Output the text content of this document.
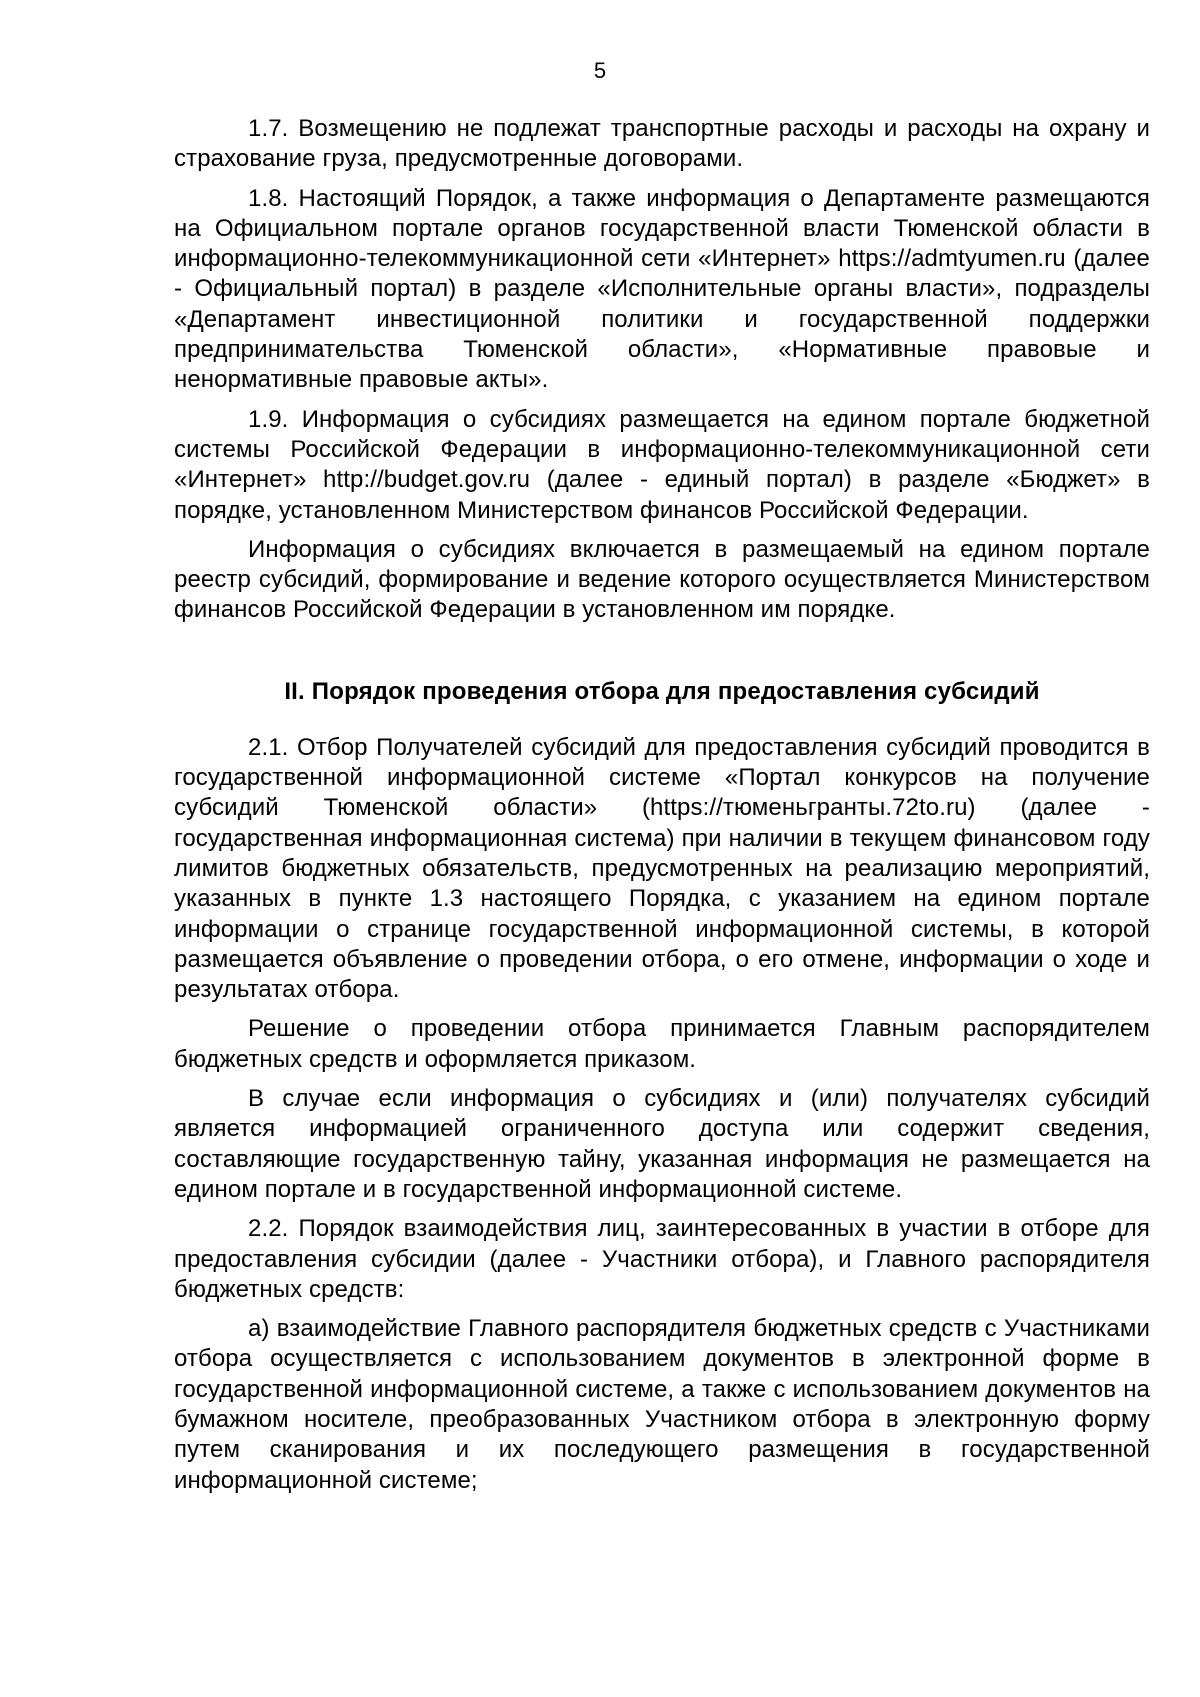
5

1.7. Возмещению не подлежат транспортные расходы и расходы на охрану и страхование груза, предусмотренные договорами.

1.8. Настоящий Порядок, а также информация о Департаменте размещаются на Официальном портале органов государственной власти Тюменской области в информационно-телекоммуникационной сети «Интернет» https://admtyumen.ru (далее - Официальный портал) в разделе «Исполнительные органы власти», подразделы «Департамент инвестиционной политики и государственной поддержки предпринимательства Тюменской области», «Нормативные правовые и ненормативные правовые акты».

1.9. Информация о субсидиях размещается на едином портале бюджетной системы Российской Федерации в информационно-телекоммуникационной сети «Интернет» http://budget.gov.ru (далее - единый портал) в разделе «Бюджет» в порядке, установленном Министерством финансов Российской Федерации.

Информация о субсидиях включается в размещаемый на едином портале реестр субсидий, формирование и ведение которого осуществляется Министерством финансов Российской Федерации в установленном им порядке.

II. Порядок проведения отбора для предоставления субсидий

2.1. Отбор Получателей субсидий для предоставления субсидий проводится в государственной информационной системе «Портал конкурсов на получение субсидий Тюменской области» (https://тюменьгранты.72to.ru) (далее - государственная информационная система) при наличии в текущем финансовом году лимитов бюджетных обязательств, предусмотренных на реализацию мероприятий, указанных в пункте 1.3 настоящего Порядка, с указанием на едином портале информации о странице государственной информационной системы, в которой размещается объявление о проведении отбора, о его отмене, информации о ходе и результатах отбора.

Решение о проведении отбора принимается Главным распорядителем бюджетных средств и оформляется приказом.

В случае если информация о субсидиях и (или) получателях субсидий является информацией ограниченного доступа или содержит сведения, составляющие государственную тайну, указанная информация не размещается на едином портале и в государственной информационной системе.

2.2. Порядок взаимодействия лиц, заинтересованных в участии в отборе для предоставления субсидии (далее - Участники отбора), и Главного распорядителя бюджетных средств:

а) взаимодействие Главного распорядителя бюджетных средств с Участниками отбора осуществляется с использованием документов в электронной форме в государственной информационной системе, а также с использованием документов на бумажном носителе, преобразованных Участником отбора в электронную форму путем сканирования и их последующего размещения в государственной информационной системе;
